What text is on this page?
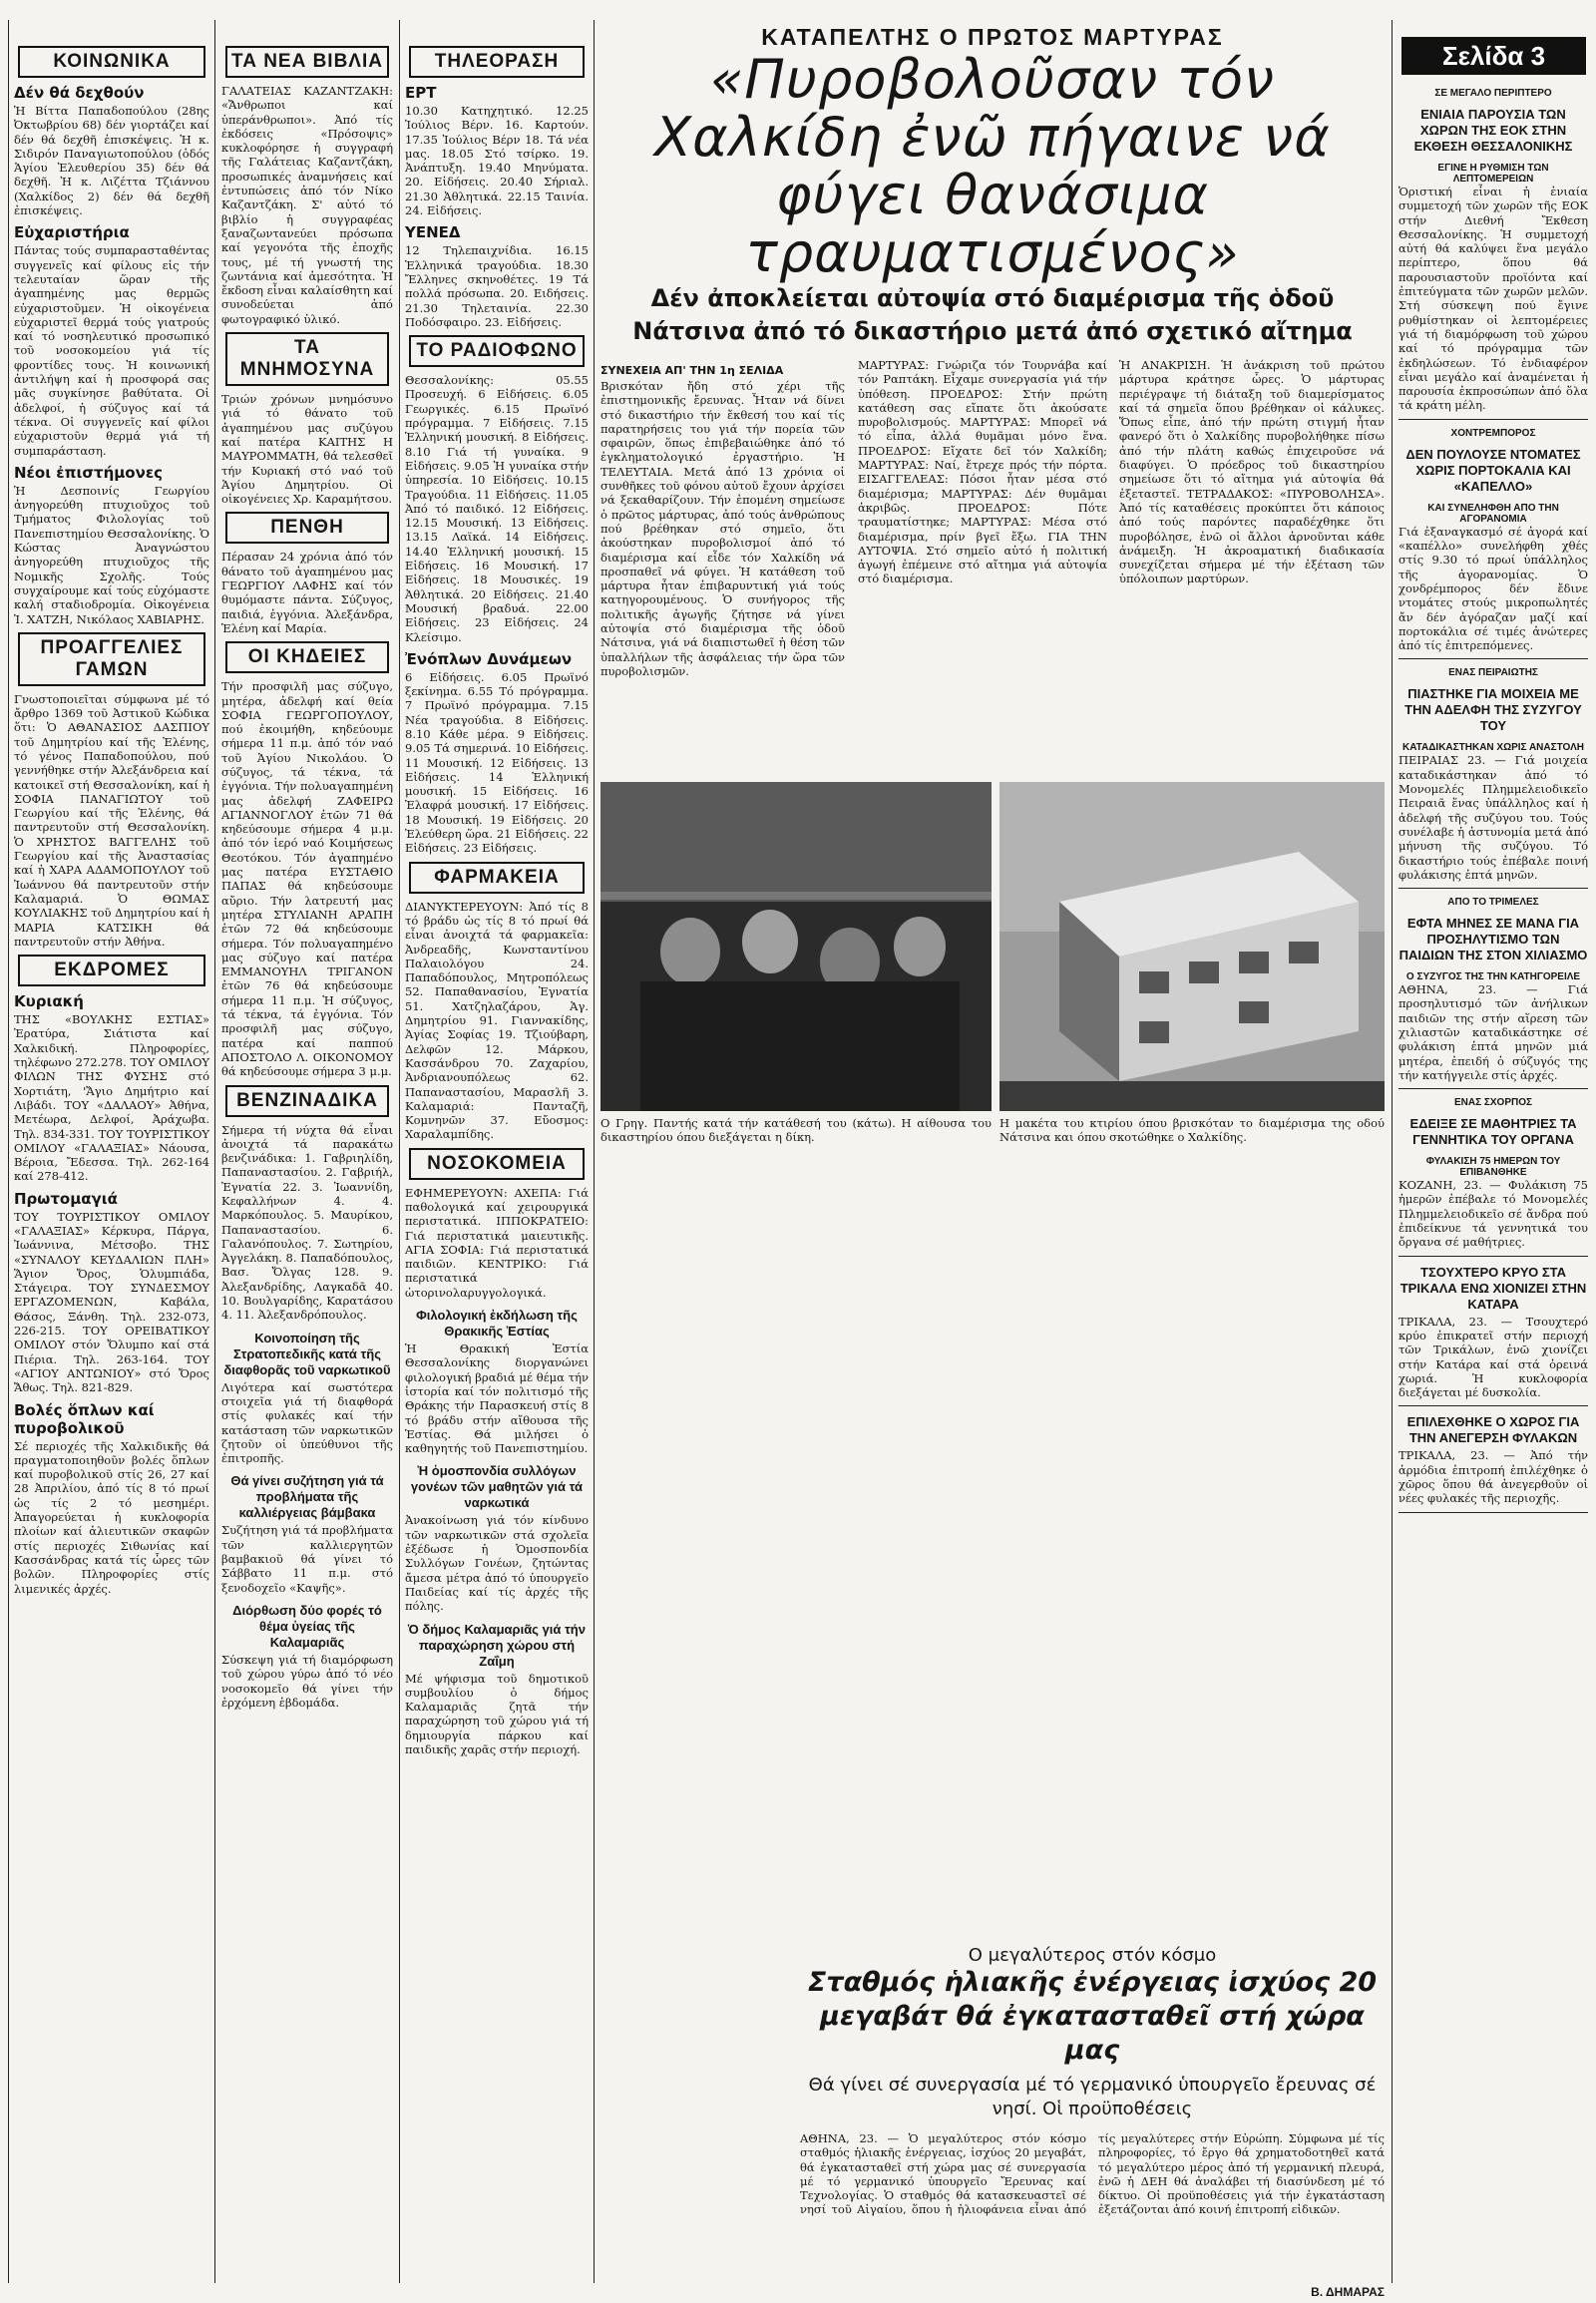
Σελίδα 3
ΚΟΙΝΩΝΙΚΑ
Δέν θά δεχθούν

Ἡ Βίττα Παπαδοπούλου (28ης Ὀκτωβρίου 68) δέν γιορτάζει καί δέν θά δεχθῆ ἐπισκέψεις. Ἡ κ. Σιδιρόν Παναγιωτοπούλου (ὁδός Ἁγίου Ἐλευθερίου 35) δέν θά δεχθῆ. Ἡ κ. Λιζέττα Τζιάννου (Χαλκίδος 2) δέν θά δεχθῆ ἐπισκέψεις.

Εὐχαριστήρια

Πάντας τούς συμπαρασταθέντας συγγενεῖς καί φίλους εἰς τήν τελευταίαν ὥραν τῆς ἀγαπημένης μας θερμῶς εὐχαριστοῦμεν. Ἡ οἰκογένεια εὐχαριστεῖ θερμά τούς γιατρούς καί τό νοσηλευτικό προσωπικό τοῦ νοσοκομείου γιά τίς φροντίδες τους. Ἡ κοινωνική ἀντιλήψη καί ἡ προσφορά σας μᾶς συγκίνησε βαθύτατα. Οἱ ἀδελφοί, ἡ σύζυγος καί τά τέκνα. Οἱ συγγενεῖς καί φίλοι εὐχαριστοῦν θερμά γιά τή συμπαράσταση.

Νέοι ἐπιστήμονες

Ἡ Δεσποινίς Γεωργίου ἀνηγορεύθη πτυχιοῦχος τοῦ Τμήματος Φιλολογίας τοῦ Πανεπιστημίου Θεσσαλονίκης. Ὁ Κώστας Ἀναγνώστου ἀνηγορεύθη πτυχιοῦχος τῆς Νομικῆς Σχολῆς. Τούς συγχαίρουμε καί τούς εὐχόμαστε καλή σταδιοδρομία. Οἰκογένεια Ἰ. ΧΑΤΖΗ, Νικόλαος ΧΑΒΙΑΡΗΣ.

ΠΡΟΑΓΓΕΛΙΕΣ ΓΑΜΩΝ

Γνωστοποιεῖται σύμφωνα μέ τό ἄρθρο 1369 τοῦ Ἀστικοῦ Κώδικα ὅτι: Ὁ ΑΘΑΝΑΣΙΟΣ ΔΑΣΠΙΟΥ τοῦ Δημητρίου καί τῆς Ἑλένης, τό γένος Παπαδοπούλου, πού γεννήθηκε στήν Ἀλεξάνδρεια καί κατοικεῖ στή Θεσσαλονίκη, καί ἡ ΣΟΦΙΑ ΠΑΝΑΓΙΩΤΟΥ τοῦ Γεωργίου καί τῆς Ἑλένης, θά παντρευτοῦν στή Θεσσαλονίκη. Ὁ ΧΡΗΣΤΟΣ ΒΑΓΓΕΛΗΣ τοῦ Γεωργίου καί τῆς Ἀναστασίας καί ἡ ΧΑΡΑ ΑΔΑΜΟΠΟΥΛΟΥ τοῦ Ἰωάννου θά παντρευτοῦν στήν Καλαμαριά. Ὁ ΘΩΜΑΣ ΚΟΥΛΙΑΚΗΣ τοῦ Δημητρίου καί ἡ ΜΑΡΙΑ ΚΑΤΣΙΚΗ θά παντρευτοῦν στήν Ἀθήνα.

ΕΚΔΡΟΜΕΣ
Κυριακή

ΤΗΣ «ΒΟΥΛΚΗΣ ΕΣΤΙΑΣ» Ἐρατύρα, Σιάτιστα καί Χαλκιδική. Πληροφορίες, τηλέφωνο 272.278. ΤΟΥ ΟΜΙΛΟΥ ΦΙΛΩΝ ΤΗΣ ΦΥΣΗΣ στό Χορτιάτη, 'Ἄγιο Δημήτριο καί Λιβάδι. ΤΟΥ «ΔΑΛΑΟΥ» Ἀθήνα, Μετέωρα, Δελφοί, Ἀράχωβα. Τηλ. 834-331. ΤΟΥ ΤΟΥΡΙΣΤΙΚΟΥ ΟΜΙΛΟΥ «ΓΑΛΑΞΙΑΣ» Νάουσα, Βέροια, Ἔδεσσα. Τηλ. 262-164 καί 278-412.

Πρωτομαγιά

ΤΟΥ ΤΟΥΡΙΣΤΙΚΟΥ ΟΜΙΛΟΥ «ΓΑΛΑΞΙΑΣ» Κέρκυρα, Πάργα, Ἰωάννινα, Μέτσοβο. ΤΗΣ «ΣΥΝΑΛΟΥ ΚΕΥΔΑΛΙΩΝ ΠΛΗ» Ἅγιον Ὄρος, Ὁλυμπιάδα, Στάγειρα. ΤΟΥ ΣΥΝΔΕΣΜΟΥ ΕΡΓΑΖΟΜΕΝΩΝ, Καβάλα, Θάσος, Ξάνθη. Τηλ. 232-073, 226-215. ΤΟΥ ΟΡΕΙΒΑΤΙΚΟΥ ΟΜΙΛΟΥ στόν Ὄλυμπο καί στά Πιέρια. Τηλ. 263-164. ΤΟΥ «ΑΓΙΟΥ ΑΝΤΩΝΙΟΥ» στό Ὄρος Ἄθως. Τηλ. 821-829.

Βολές ὅπλων καί πυροβολικοῦ

Σέ περιοχές τῆς Χαλκιδικῆς θά πραγματοποιηθοῦν βολές ὅπλων καί πυροβολικοῦ στίς 26, 27 καί 28 Ἀπριλίου, ἀπό τίς 8 τό πρωί ὡς τίς 2 τό μεσημέρι. Ἀπαγορεύεται ἡ κυκλοφορία πλοίων καί ἁλιευτικῶν σκαφῶν στίς περιοχές Σιθωνίας καί Κασσάνδρας κατά τίς ὧρες τῶν βολῶν. Πληροφορίες στίς λιμενικές ἀρχές.

ΤΑ ΝΕΑ ΒΙΒΛΙΑ

ΓΑΛΑΤΕΙΑΣ ΚΑΖΑΝΤΖΑΚΗ: «Ἄνθρωποι καί ὑπεράνθρωποι». Ἀπό τίς ἐκδόσεις «Πρόσοψις» κυκλοφόρησε ἡ συγγραφή τῆς Γαλάτειας Καζαντζάκη, προσωπικές ἀναμνήσεις καί ἐντυπώσεις ἀπό τόν Νίκο Καζαντζάκη. Σ' αὐτό τό βιβλίο ἡ συγγραφέας ξαναζωντανεύει πρόσωπα καί γεγονότα τῆς ἐποχῆς τους, μέ τή γνωστή της ζωντάνια καί ἀμεσότητα. Ἡ ἔκδοση εἶναι καλαίσθητη καί συνοδεύεται ἀπό φωτογραφικό ὑλικό.

ΤΑ ΜΝΗΜΟΣΥΝΑ

Τριών χρόνων μνημόσυνο γιά τό θάνατο τοῦ ἀγαπημένου μας συζύγου καί πατέρα ΚΑΙΤΗΣ Η ΜΑΥΡΟΜΜΑΤΗ, θά τελεσθεῖ τήν Κυριακή στό ναό τοῦ Ἁγίου Δημητρίου. Οἱ οἰκογένειες Χρ. Καραμήτσου.

ΠΕΝΘΗ

Πέρασαν 24 χρόνια ἀπό τόν θάνατο τοῦ ἀγαπημένου μας ΓΕΩΡΓΙΟΥ ΛΑΦΗΣ καί τόν θυμόμαστε πάντα. Σύζυγος, παιδιά, ἐγγόνια. Ἀλεξάνδρα, Ἑλένη καί Μαρία.

ΟΙ ΚΗΔΕΙΕΣ

Τήν προσφιλῆ μας σύζυγο, μητέρα, ἀδελφή καί θεία ΣΟΦΙΑ ΓΕΩΡΓΟΠΟΥΛΟΥ, πού ἐκοιμήθη, κηδεύουμε σήμερα 11 π.μ. ἀπό τόν ναό τοῦ Ἁγίου Νικολάου. Ὁ σύζυγος, τά τέκνα, τά ἐγγόνια. Τήν πολυαγαπημένη μας ἀδελφή ΖΑΦΕΙΡΩ ΑΓΙΑΝΝΟΓΛΟΥ ἐτῶν 71 θά κηδεύσουμε σήμερα 4 μ.μ. ἀπό τόν ἱερό ναό Κοιμήσεως Θεοτόκου. Τόν ἀγαπημένο μας πατέρα ΕΥΣΤΑΘΙΟ ΠΑΠΑΣ θά κηδεύσουμε αὔριο. Τήν λατρευτή μας μητέρα ΣΤΥΛΙΑΝΗ ΑΡΑΠΗ ἐτῶν 72 θά κηδεύσουμε σήμερα. Τόν πολυαγαπημένο μας σύζυγο καί πατέρα ΕΜΜΑΝΟΥΗΛ ΤΡΙΓΑΝΟΝ ἐτῶν 76 θά κηδεύσουμε σήμερα 11 π.μ. Ἡ σύζυγος, τά τέκνα, τά ἐγγόνια. Τόν προσφιλῆ μας σύζυγο, πατέρα καί παππού ΑΠΟΣΤΟΛΟ Λ. ΟΙΚΟΝΟΜΟΥ θά κηδεύσουμε σήμερα 3 μ.μ.

ΒΕΝΖΙΝΑΔΙΚΑ

Σήμερα τή νύχτα θά εἶναι ἀνοιχτά τά παρακάτω βενζινάδικα: 1. Γαβριηλίδη, Παπαναστασίου. 2. Γαβριήλ, Ἐγνατία 22. 3. Ἰωαννίδη, Κεφαλλήνων 4. 4. Μαρκόπουλος. 5. Μαυρίκου, Παπαναστασίου. 6. Γαλανόπουλος. 7. Σωτηρίου, Ἀγγελάκη. 8. Παπαδόπουλος, Βασ. Ὄλγας 128. 9. Ἀλεξανδρίδης, Λαγκαδᾶ 40. 10. Βουλγαρίδης, Καρατάσου 4. 11. Ἀλεξανδρόπουλος.

Κοινοποίηση τῆς Στρατοπεδικῆς κατά τῆς διαφθορᾶς τοῦ ναρκωτικοῦ

Λιγότερα καί σωστότερα στοιχεῖα γιά τή διαφθορά στίς φυλακές καί τήν κατάσταση τῶν ναρκωτικῶν ζητοῦν οἱ ὑπεύθυνοι τῆς ἐπιτροπῆς.

Θά γίνει συζήτηση γιά τά προβλήματα τῆς καλλιέργειας βάμβακα

Συζήτηση γιά τά προβλήματα τῶν καλλιεργητῶν βαμβακιοῦ θά γίνει τό Σάββατο 11 π.μ. στό ξενοδοχεῖο «Καψῆς».

Διόρθωση δύο φορές τό θέμα ὑγείας τῆς Καλαμαριᾶς

Σύσκεψη γιά τή διαμόρφωση τοῦ χώρου γύρω ἀπό τό νέο νοσοκομεῖο θά γίνει τήν ἐρχόμενη ἑβδομάδα.

ΤΗΛΕΟΡΑΣΗ
ΕΡΤ

10.30 Κατηχητικό. 12.25 Ἰούλιος Βέρν. 16. Καρτούν. 17.35 Ἰούλιος Βέρν 18. Τά νέα μας. 18.05 Στό τσίρκο. 19. Ἀνάπτυξη. 19.40 Μηνύματα. 20. Εἰδήσεις. 20.40 Σήριαλ. 21.30 Ἀθλητικά. 22.15 Ταινία. 24. Εἰδήσεις.

ΥΕΝΕΔ

12 Τηλεπαιχνίδια. 16.15 Ἑλληνικά τραγούδια. 18.30 Ἔλληνες σκηνοθέτες. 19 Τά πολλά πρόσωπα. 20. Ειδήσεις. 21.30 Τηλεταινία. 22.30 Ποδόσφαιρο. 23. Εἰδήσεις.

ΤΟ ΡΑΔΙΟΦΩΝΟ

Θεσσαλονίκης: 05.55 Προσευχή. 6 Εἰδήσεις. 6.05 Γεωργικές. 6.15 Πρωϊνό πρόγραμμα. 7 Εἰδήσεις. 7.15 Ἑλληνική μουσική. 8 Εἰδήσεις. 8.10 Γιά τή γυναίκα. 9 Εἰδήσεις. 9.05 Ἡ γυναίκα στήν ὑπηρεσία. 10 Εἰδήσεις. 10.15 Τραγούδια. 11 Εἰδήσεις. 11.05 Ἀπό τό παιδικό. 12 Εἰδήσεις. 12.15 Μουσική. 13 Εἰδήσεις. 13.15 Λαϊκά. 14 Εἰδήσεις. 14.40 Ἑλληνική μουσική. 15 Εἰδήσεις. 16 Μουσική. 17 Εἰδήσεις. 18 Μουσικές. 19 Ἀθλητικά. 20 Εἰδήσεις. 21.40 Μουσική βραδυά. 22.00 Εἰδήσεις. 23 Εἰδήσεις. 24 Κλείσιμο.

Ἐνόπλων Δυνάμεων

6 Εἰδήσεις. 6.05 Πρωϊνό ξεκίνημα. 6.55 Τό πρόγραμμα. 7 Πρωϊνό πρόγραμμα. 7.15 Νέα τραγούδια. 8 Εἰδήσεις. 8.10 Κάθε μέρα. 9 Εἰδήσεις. 9.05 Τά σημερινά. 10 Εἰδήσεις. 11 Μουσική. 12 Εἰδήσεις. 13 Εἰδήσεις. 14 Ἑλληνική μουσική. 15 Εἰδήσεις. 16 Ἐλαφρά μουσική. 17 Εἰδήσεις. 18 Μουσική. 19 Εἰδήσεις. 20 Ἐλεύθερη ὥρα. 21 Εἰδήσεις. 22 Εἰδήσεις. 23 Εἰδήσεις.

ΦΑΡΜΑΚΕΙΑ

ΔΙΑΝΥΚΤΕΡΕΥΟΥΝ: Ἀπό τίς 8 τό βράδυ ὡς τίς 8 τό πρωί θά εἶναι ἀνοιχτά τά φαρμακεῖα: Ἀνδρεαδῆς, Κωνσταντίνου Παλαιολόγου 24. Παπαδόπουλος, Μητροπόλεως 52. Παπαθανασίου, Ἐγνατία 51. Χατζηλαζάρου, Ἁγ. Δημητρίου 91. Γιαννακίδης, Ἀγίας Σοφίας 19. Τζιούβαρη, Δελφῶν 12. Μάρκου, Κασσάνδρου 70. Ζαχαρίου, Ἀνδριανουπόλεως 62. Παπαναστασίου, Μαρασλῆ 3. Καλαμαριά: Πανταζῆ, Κομνηνῶν 37. Εὔοσμος: Χαραλαμπίδης.

ΝΟΣΟΚΟΜΕΙΑ

ΕΦΗΜΕΡΕΥΟΥΝ: ΑΧΕΠΑ: Γιά παθολογικά καί χειρουργικά περιστατικά. ΙΠΠΟΚΡΑΤΕΙΟ: Γιά περιστατικά μαιευτικῆς. ΑΓΙΑ ΣΟΦΙΑ: Γιά περιστατικά παιδιῶν. ΚΕΝΤΡΙΚΟ: Γιά περιστατικά ὠτορινολαρυγγολογικά.

Φιλολογική ἐκδήλωση τῆς Θρακικῆς Ἑστίας

Ἡ Θρακική Ἑστία Θεσσαλονίκης διοργανώνει φιλολογική βραδιά μέ θέμα τήν ἱστορία καί τόν πολιτισμό τῆς Θράκης τήν Παρασκευή στίς 8 τό βράδυ στήν αἴθουσα τῆς Ἑστίας. Θά μιλήσει ὁ καθηγητής τοῦ Πανεπιστημίου.

Ἡ ὁμοσπονδία συλλόγων γονέων τῶν μαθητῶν γιά τά ναρκωτικά

Ἀνακοίνωση γιά τόν κίνδυνο τῶν ναρκωτικῶν στά σχολεῖα ἐξέδωσε ἡ Ὁμοσπονδία Συλλόγων Γονέων, ζητώντας ἄμεσα μέτρα ἀπό τό ὑπουργεῖο Παιδείας καί τίς ἀρχές τῆς πόλης.

Ὁ δήμος Καλαμαριᾶς γιά τήν παραχώρηση χώρου στή Ζαΐμη

Μέ ψήφισμα τοῦ δημοτικοῦ συμβουλίου ὁ δήμος Καλαμαριᾶς ζητᾶ τήν παραχώρηση τοῦ χώρου γιά τή δημιουργία πάρκου καί παιδικῆς χαρᾶς στήν περιοχή.

ΚΑΤΑΠΕΛΤΗΣ Ο ΠΡΩΤΟΣ ΜΑΡΤΥΡΑΣ
«Πυροβολοῦσαν τόν Χαλκίδη ἐνῶ πήγαινε νά φύγει θανάσιμα τραυματισμένος»
Δέν ἀποκλείεται αὐτοψία στό διαμέρισμα τῆς ὁδοῦ Νάτσινα ἀπό τό δικαστήριο μετά ἀπό σχετικό αἴτημα
ΣΥΝΕΧΕΙΑ ΑΠ' ΤΗΝ 1η ΣΕΛΙΔΑ

Βρισκόταν ἤδη στό χέρι τῆς ἐπιστημονικῆς ἔρευνας. Ἦταν νά δίνει στό δικαστήριο τήν ἔκθεσή του καί τίς παρατηρήσεις του γιά τήν πορεία τῶν σφαιρῶν, ὅπως ἐπιβεβαιώθηκε ἀπό τό ἐγκληματολογικό ἐργαστήριο. Ἡ ΤΕΛΕΥΤΑΙΑ. Μετά ἀπό 13 χρόνια οἱ συνθῆκες τοῦ φόνου αὐτοῦ ἔχουν ἀρχίσει νά ξεκαθαρίζουν. Τήν ἐπομένη σημείωσε ὁ πρῶτος μάρτυρας, ἀπό τούς ἀνθρώπους πού βρέθηκαν στό σημεῖο, ὅτι ἀκούστηκαν πυροβολισμοί ἀπό τό διαμέρισμα καί εἶδε τόν Χαλκίδη νά προσπαθεῖ νά φύγει. Ἡ κατάθεση τοῦ μάρτυρα ἦταν ἐπιβαρυντική γιά τούς κατηγορουμένους. Ὁ συνήγορος τῆς πολιτικῆς ἀγωγῆς ζήτησε νά γίνει αὐτοψία στό διαμέρισμα τῆς ὁδοῦ Νάτσινα, γιά νά διαπιστωθεῖ ἡ θέση τῶν ὑπαλλήλων τῆς ἀσφάλειας τήν ὥρα τῶν πυροβολισμῶν.

ΜΑΡΤΥΡΑΣ: Γνώριζα τόν Τουρνάβα καί τόν Ραπτάκη. Εἶχαμε συνεργασία γιά τήν ὑπόθεση. ΠΡΟΕΔΡΟΣ: Στήν πρώτη κατάθεση σας εἴπατε ὅτι ἀκούσατε πυροβολισμούς. ΜΑΡΤΥΡΑΣ: Μπορεῖ νά τό εἶπα, ἀλλά θυμᾶμαι μόνο ἕνα. ΠΡΟΕΔΡΟΣ: Εἴχατε δεῖ τόν Χαλκίδη; ΜΑΡΤΥΡΑΣ: Ναί, ἔτρεχε πρός τήν πόρτα. ΕΙΣΑΓΓΕΛΕΑΣ: Πόσοι ἦταν μέσα στό διαμέρισμα; ΜΑΡΤΥΡΑΣ: Δέν θυμᾶμαι ἀκριβῶς. ΠΡΟΕΔΡΟΣ: Πότε τραυματίστηκε; ΜΑΡΤΥΡΑΣ: Μέσα στό διαμέρισμα, πρίν βγεῖ ἔξω. ΓΙΑ ΤΗΝ ΑΥΤΟΨΙΑ. Στό σημεῖο αὐτό ἡ πολιτική ἀγωγή ἐπέμεινε στό αἴτημα γιά αὐτοψία στό διαμέρισμα.

Ἡ ΑΝΑΚΡΙΣΗ. Ἡ ἀνάκριση τοῦ πρώτου μάρτυρα κράτησε ὧρες. Ὁ μάρτυρας περιέγραψε τή διάταξη τοῦ διαμερίσματος καί τά σημεῖα ὅπου βρέθηκαν οἱ κάλυκες. Ὅπως εἶπε, ἀπό τήν πρώτη στιγμή ἦταν φανερό ὅτι ὁ Χαλκίδης πυροβολήθηκε πίσω ἀπό τήν πλάτη καθώς ἐπιχειροῦσε νά διαφύγει. Ὁ πρόεδρος τοῦ δικαστηρίου σημείωσε ὅτι τό αἴτημα γιά αὐτοψία θά ἐξεταστεῖ. ΤΕΤΡΑΔΑΚΟΣ: «ΠΥΡΟΒΟΛΗΣΑ». Ἀπό τίς καταθέσεις προκύπτει ὅτι κάποιος ἀπό τούς παρόντες παραδέχθηκε ὅτι πυροβόλησε, ἐνῶ οἱ ἄλλοι ἀρνοῦνται κάθε ἀνάμειξη. Ἡ ἀκροαματική διαδικασία συνεχίζεται σήμερα μέ τήν ἐξέταση τῶν ὑπόλοιπων μαρτύρων.

Η μακέτα του κτιρίου όπου βρισκόταν το διαμέρισμα της οδού Νάτσινα και όπου σκοτώθηκε ο Χαλκίδης.
Ο Γρηγ. Παντής κατά τήν κατάθεσή του (κάτω). Η αίθουσα του δικαστηρίου όπου διεξάγεται η δίκη.
Ο μεγαλύτερος στόν κόσμο
Σταθμός ἡλιακῆς ἐνέργειας ἰσχύος 20 μεγαβάτ θά ἐγκατασταθεῖ στή χώρα μας
Θά γίνει σέ συνεργασία μέ τό γερμανικό ὑπουργεῖο ἔρευνας σέ νησί. Οἱ προϋποθέσεις

ΑΘΗΝΑ, 23. — Ὁ μεγαλύτερος στόν κόσμο σταθμός ἡλιακῆς ἐνέργειας, ἰσχύος 20 μεγαβάτ, θά ἐγκατασταθεῖ στή χώρα μας σέ συνεργασία μέ τό γερμανικό ὑπουργεῖο Ἔρευνας καί Τεχνολογίας. Ὁ σταθμός θά κατασκευαστεῖ σέ νησί τοῦ Αἰγαίου, ὅπου ἡ ἡλιοφάνεια εἶναι ἀπό τίς μεγαλύτερες στήν Εὐρώπη. Σύμφωνα μέ τίς πληροφορίες, τό ἔργο θά χρηματοδοτηθεῖ κατά τό μεγαλύτερο μέρος ἀπό τή γερμανική πλευρά, ἐνῶ ἡ ΔΕΗ θά ἀναλάβει τή διασύνδεση μέ τό δίκτυο. Οἱ προϋποθέσεις γιά τήν ἐγκατάσταση ἐξετάζονται ἀπό κοινή ἐπιτροπή εἰδικῶν.

Β. ΔΗΜΑΡΑΣ
ΣΕ ΜΕΓΑΛΟ ΠΕΡΙΠΤΕΡΟ
ΕΝΙΑΙΑ ΠΑΡΟΥΣΙΑ ΤΩΝ ΧΩΡΩΝ ΤΗΣ ΕΟΚ ΣΤΗΝ ΕΚΘΕΣΗ ΘΕΣΣΑΛΟΝΙΚΗΣ
ΕΓΙΝΕ Η ΡΥΘΜΙΣΗ ΤΩΝ ΛΕΠΤΟΜΕΡΕΙΩΝ

Ὁριστική εἶναι ἡ ἑνιαία συμμετοχή τῶν χωρῶν τῆς ΕΟΚ στήν Διεθνή Ἔκθεση Θεσσαλονίκης. Ἡ συμμετοχή αὐτή θά καλύψει ἕνα μεγάλο περίπτερο, ὅπου θά παρουσιαστοῦν προϊόντα καί ἐπιτεύγματα τῶν χωρῶν μελῶν. Στή σύσκεψη πού ἔγινε ρυθμίστηκαν οἱ λεπτομέρειες γιά τή διαμόρφωση τοῦ χώρου καί τό πρόγραμμα τῶν ἐκδηλώσεων. Τό ἐνδιαφέρον εἶναι μεγάλο καί ἀναμένεται ἡ παρουσία ἐκπροσώπων ἀπό ὅλα τά κράτη μέλη.

ΧΟΝΤΡΕΜΠΟΡΟΣ
ΔΕΝ ΠΟΥΛΟΥΣΕ ΝΤΟΜΑΤΕΣ ΧΩΡΙΣ ΠΟΡΤΟΚΑΛΙΑ ΚΑΙ «ΚΑΠΕΛΛΟ»
ΚΑΙ ΣΥΝΕΛΗΦΘΗ ΑΠΟ ΤΗΝ ΑΓΟΡΑΝΟΜΙΑ

Γιά ἐξαναγκασμό σέ ἀγορά καί «καπέλλο» συνελήφθη χθές στίς 9.30 τό πρωί ὑπάλληλος τῆς ἀγορανομίας. Ὁ χονδρέμπορος δέν ἔδινε ντομάτες στούς μικροπωλητές ἄν δέν ἀγόραζαν μαζί καί πορτοκάλια σέ τιμές ἀνώτερες ἀπό τίς ἐπιτρεπόμενες.

ΕΝΑΣ ΠΕΙΡΑΙΩΤΗΣ
ΠΙΑΣΤΗΚΕ ΓΙΑ ΜΟΙΧΕΙΑ ΜΕ ΤΗΝ ΑΔΕΛΦΗ ΤΗΣ ΣΥΖΥΓΟΥ ΤΟΥ
ΚΑΤΑΔΙΚΑΣΤΗΚΑΝ ΧΩΡΙΣ ΑΝΑΣΤΟΛΗ

ΠΕΙΡΑΙΑΣ 23. — Γιά μοιχεία καταδικάστηκαν ἀπό τό Μονομελές Πλημμελειοδικεῖο Πειραιᾶ ἕνας ὑπάλληλος καί ἡ ἀδελφή τῆς συζύγου του. Τούς συνέλαβε ἡ ἀστυνομία μετά ἀπό μήνυση τῆς συζύγου. Τό δικαστήριο τούς ἐπέβαλε ποινή φυλάκισης ἐπτά μηνῶν.

ΑΠΟ ΤΟ ΤΡΙΜΕΛΕΣ
ΕΦΤΑ ΜΗΝΕΣ ΣΕ ΜΑΝΑ ΓΙΑ ΠΡΟΣΗΛΥΤΙΣΜΟ ΤΩΝ ΠΑΙΔΙΩΝ ΤΗΣ ΣΤΟΝ ΧΙΛΙΑΣΜΟ
Ο ΣΥΖΥΓΟΣ ΤΗΣ ΤΗΝ ΚΑΤΗΓΟΡΕΙΛΕ

ΑΘΗΝΑ, 23. — Γιά προσηλυτισμό τῶν ἀνήλικων παιδιῶν της στήν αἵρεση τῶν χιλιαστῶν καταδικάστηκε σέ φυλάκιση ἑπτά μηνῶν μιά μητέρα, ἐπειδή ὁ σύζυγός της τήν κατήγγειλε στίς ἀρχές.

ΕΝΑΣ ΣΧΟΡΠΟΣ
ΕΔΕΙΞΕ ΣΕ ΜΑΘΗΤΡΙΕΣ ΤΑ ΓΕΝΝΗΤΙΚΑ ΤΟΥ ΟΡΓΑΝΑ
ΦΥΛΑΚΙΣΗ 75 ΗΜΕΡΩΝ ΤΟΥ ΕΠΙΒΑΝΘΗΚΕ

ΚΟΖΑΝΗ, 23. — Φυλάκιση 75 ἡμερῶν ἐπέβαλε τό Μονομελές Πλημμελειοδικεῖο σέ ἄνδρα πού ἐπιδείκνυε τά γεννητικά του ὄργανα σέ μαθήτριες.

ΤΣΟΥΧΤΕΡΟ ΚΡΥΟ ΣΤΑ ΤΡΙΚΑΛΑ ΕΝΩ ΧΙΟΝΙΖΕΙ ΣΤΗΝ ΚΑΤΑΡΑ

ΤΡΙΚΑΛΑ, 23. — Τσουχτερό κρύο ἐπικρατεῖ στήν περιοχή τῶν Τρικάλων, ἐνῶ χιονίζει στήν Κατάρα καί στά ὀρεινά χωριά. Ἡ κυκλοφορία διεξάγεται μέ δυσκολία.

ΕΠΙΛΕΧΘΗΚΕ Ο ΧΩΡΟΣ ΓΙΑ ΤΗΝ ΑΝΕΓΕΡΣΗ ΦΥΛΑΚΩΝ

ΤΡΙΚΑΛΑ, 23. — Ἀπό τήν ἁρμόδια ἐπιτροπή ἐπιλέχθηκε ὁ χῶρος ὅπου θά ἀνεγερθοῦν οἱ νέες φυλακές τῆς περιοχῆς.
